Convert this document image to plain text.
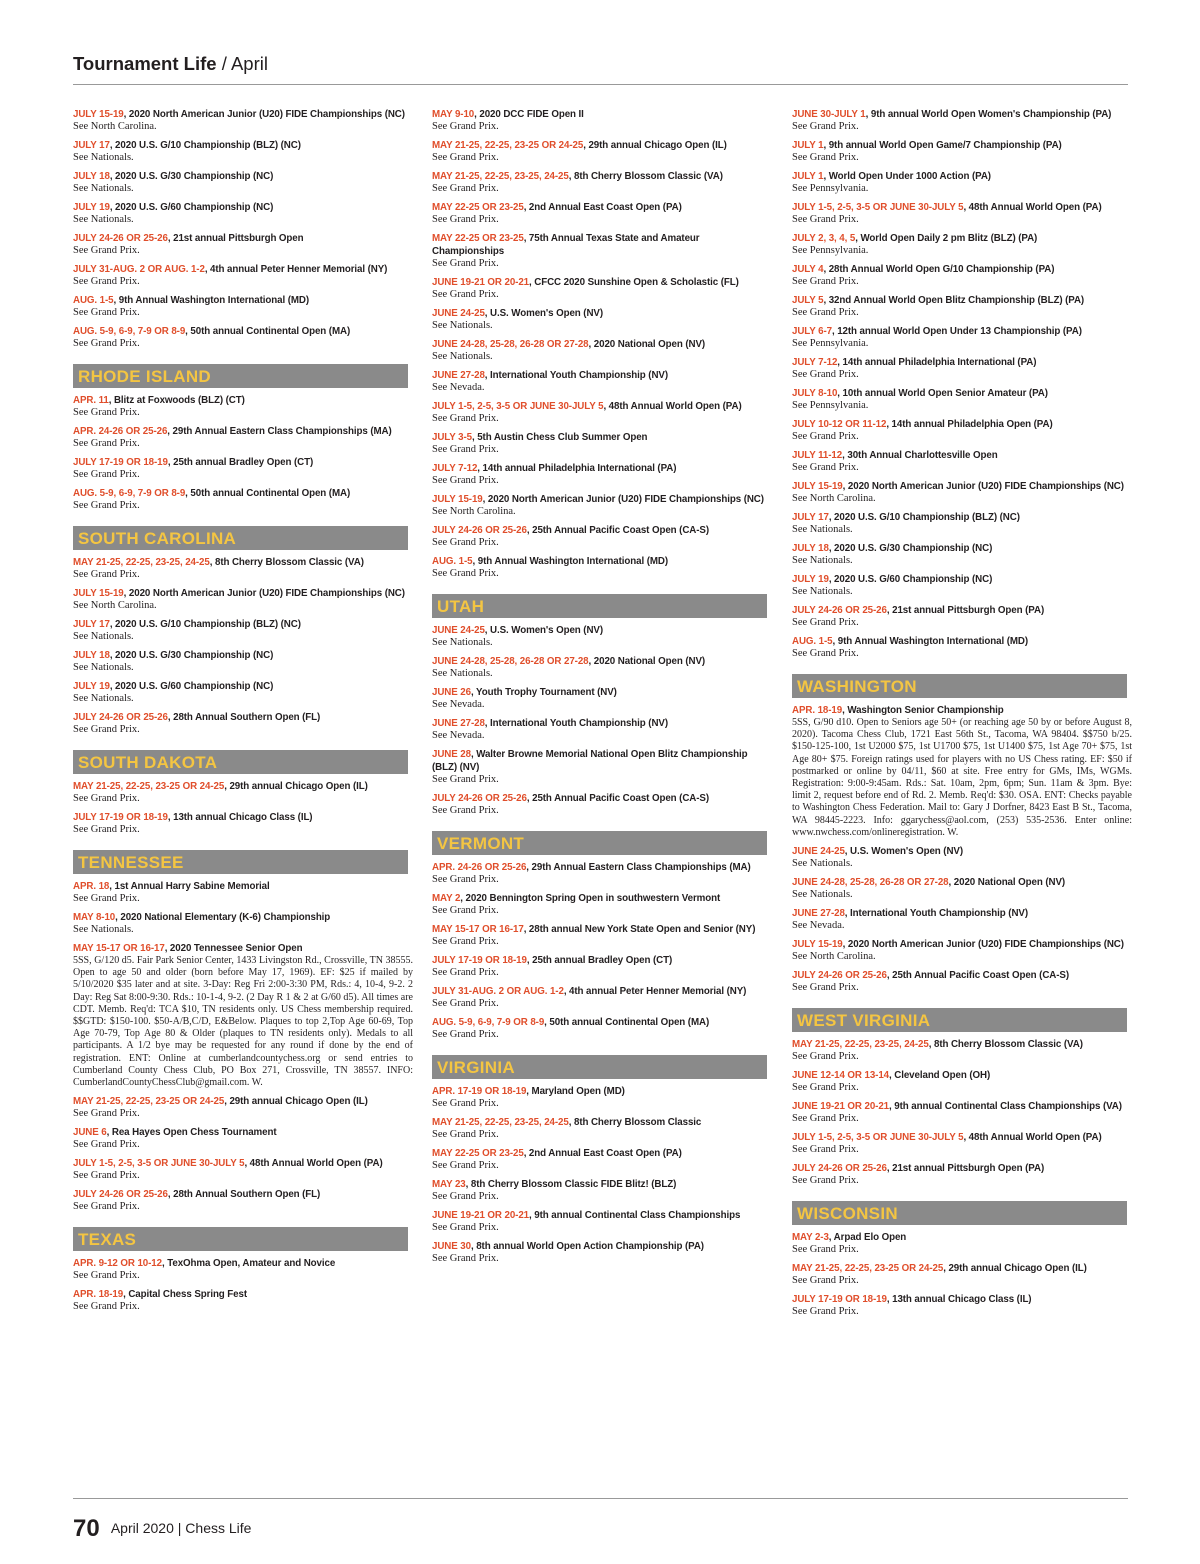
Tournament Life / April
JULY 15-19, 2020 North American Junior (U20) FIDE Championships (NC)
See North Carolina.
JULY 17, 2020 U.S. G/10 Championship (BLZ) (NC)
See Nationals.
JULY 18, 2020 U.S. G/30 Championship (NC)
See Nationals.
JULY 19, 2020 U.S. G/60 Championship (NC)
See Nationals.
JULY 24-26 OR 25-26, 21st annual Pittsburgh Open
See Grand Prix.
JULY 31-AUG. 2 OR AUG. 1-2, 4th annual Peter Henner Memorial (NY)
See Grand Prix.
AUG. 1-5, 9th Annual Washington International (MD)
See Grand Prix.
AUG. 5-9, 6-9, 7-9 OR 8-9, 50th annual Continental Open (MA)
See Grand Prix.
RHODE ISLAND
APR. 11, Blitz at Foxwoods (BLZ) (CT)
See Grand Prix.
APR. 24-26 OR 25-26, 29th Annual Eastern Class Championships (MA)
See Grand Prix.
JULY 17-19 OR 18-19, 25th annual Bradley Open (CT)
See Grand Prix.
AUG. 5-9, 6-9, 7-9 OR 8-9, 50th annual Continental Open (MA)
See Grand Prix.
SOUTH CAROLINA
MAY 21-25, 22-25, 23-25, 24-25, 8th Cherry Blossom Classic (VA)
See Grand Prix.
JULY 15-19, 2020 North American Junior (U20) FIDE Championships (NC)
See North Carolina.
JULY 17, 2020 U.S. G/10 Championship (BLZ) (NC)
See Nationals.
JULY 18, 2020 U.S. G/30 Championship (NC)
See Nationals.
JULY 19, 2020 U.S. G/60 Championship (NC)
See Nationals.
JULY 24-26 OR 25-26, 28th Annual Southern Open (FL)
See Grand Prix.
SOUTH DAKOTA
MAY 21-25, 22-25, 23-25 OR 24-25, 29th annual Chicago Open (IL)
See Grand Prix.
JULY 17-19 OR 18-19, 13th annual Chicago Class (IL)
See Grand Prix.
TENNESSEE
APR. 18, 1st Annual Harry Sabine Memorial
See Grand Prix.
MAY 8-10, 2020 National Elementary (K-6) Championship
See Nationals.
MAY 15-17 OR 16-17, 2020 Tennessee Senior Open
5SS, G/120 d5. Fair Park Senior Center, 1433 Livingston Rd., Crossville, TN 38555. Open to age 50 and older (born before May 17, 1969). EF: $25 if mailed by 5/10/2020 $35 later and at site. 3-Day: Reg Fri 2:00-3:30 PM, Rds.: 4, 10-4, 9-2. 2 Day: Reg Sat 8:00-9:30. Rds.: 10-1-4, 9-2. (2 Day R 1 & 2 at G/60 d5). All times are CDT. Memb. Req'd: TCA $10, TN residents only. US Chess membership required. $$GTD: $150-100. $50-A/B,C/D, E&Below. Plaques to top 2,Top Age 60-69, Top Age 70-79, Top Age 80 & Older (plaques to TN residents only). Medals to all participants. A 1/2 bye may be requested for any round if done by the end of registration. ENT: Online at cumberlandcountychess.org or send entries to Cumberland County Chess Club, PO Box 271, Crossville, TN 38557. INFO: CumberlandCountyChessClub@gmail.com. W.
MAY 21-25, 22-25, 23-25 OR 24-25, 29th annual Chicago Open (IL)
See Grand Prix.
JUNE 6, Rea Hayes Open Chess Tournament
See Grand Prix.
JULY 1-5, 2-5, 3-5 OR JUNE 30-JULY 5, 48th Annual World Open (PA)
See Grand Prix.
JULY 24-26 OR 25-26, 28th Annual Southern Open (FL)
See Grand Prix.
TEXAS
APR. 9-12 OR 10-12, TexOhma Open, Amateur and Novice
See Grand Prix.
APR. 18-19, Capital Chess Spring Fest
See Grand Prix.
MAY 9-10, 2020 DCC FIDE Open II
See Grand Prix.
MAY 21-25, 22-25, 23-25 OR 24-25, 29th annual Chicago Open (IL)
See Grand Prix.
MAY 21-25, 22-25, 23-25, 24-25, 8th Cherry Blossom Classic (VA)
See Grand Prix.
MAY 22-25 OR 23-25, 2nd Annual East Coast Open (PA)
See Grand Prix.
MAY 22-25 OR 23-25, 75th Annual Texas State and Amateur Championships
See Grand Prix.
JUNE 19-21 OR 20-21, CFCC 2020 Sunshine Open & Scholastic (FL)
See Grand Prix.
JUNE 24-25, U.S. Women's Open (NV)
See Nationals.
JUNE 24-28, 25-28, 26-28 OR 27-28, 2020 National Open (NV)
See Nationals.
JUNE 27-28, International Youth Championship (NV)
See Nevada.
JULY 1-5, 2-5, 3-5 OR JUNE 30-JULY 5, 48th Annual World Open (PA)
See Grand Prix.
JULY 3-5, 5th Austin Chess Club Summer Open
See Grand Prix.
JULY 7-12, 14th annual Philadelphia International (PA)
See Grand Prix.
JULY 15-19, 2020 North American Junior (U20) FIDE Championships (NC)
See North Carolina.
JULY 24-26 OR 25-26, 25th Annual Pacific Coast Open (CA-S)
See Grand Prix.
AUG. 1-5, 9th Annual Washington International (MD)
See Grand Prix.
UTAH
JUNE 24-25, U.S. Women's Open (NV)
See Nationals.
JUNE 24-28, 25-28, 26-28 OR 27-28, 2020 National Open (NV)
See Nationals.
JUNE 26, Youth Trophy Tournament (NV)
See Nevada.
JUNE 27-28, International Youth Championship (NV)
See Nevada.
JUNE 28, Walter Browne Memorial National Open Blitz Championship (BLZ) (NV)
See Grand Prix.
JULY 24-26 OR 25-26, 25th Annual Pacific Coast Open (CA-S)
See Grand Prix.
VERMONT
APR. 24-26 OR 25-26, 29th Annual Eastern Class Championships (MA)
See Grand Prix.
MAY 2, 2020 Bennington Spring Open in southwestern Vermont
See Grand Prix.
MAY 15-17 OR 16-17, 28th annual New York State Open and Senior (NY)
See Grand Prix.
JULY 17-19 OR 18-19, 25th annual Bradley Open (CT)
See Grand Prix.
JULY 31-AUG. 2 OR AUG. 1-2, 4th annual Peter Henner Memorial (NY)
See Grand Prix.
AUG. 5-9, 6-9, 7-9 OR 8-9, 50th annual Continental Open (MA)
See Grand Prix.
VIRGINIA
APR. 17-19 OR 18-19, Maryland Open (MD)
See Grand Prix.
MAY 21-25, 22-25, 23-25, 24-25, 8th Cherry Blossom Classic
See Grand Prix.
MAY 22-25 OR 23-25, 2nd Annual East Coast Open (PA)
See Grand Prix.
MAY 23, 8th Cherry Blossom Classic FIDE Blitz! (BLZ)
See Grand Prix.
JUNE 19-21 OR 20-21, 9th annual Continental Class Championships
See Grand Prix.
JUNE 30, 8th annual World Open Action Championship (PA)
See Grand Prix.
JUNE 30-JULY 1, 9th annual World Open Women's Championship (PA)
See Grand Prix.
JULY 1, 9th annual World Open Game/7 Championship (PA)
See Grand Prix.
JULY 1, World Open Under 1000 Action (PA)
See Pennsylvania.
JULY 1-5, 2-5, 3-5 OR JUNE 30-JULY 5, 48th Annual World Open (PA)
See Grand Prix.
JULY 2, 3, 4, 5, World Open Daily 2 pm Blitz (BLZ) (PA)
See Pennsylvania.
JULY 4, 28th Annual World Open G/10 Championship (PA)
See Grand Prix.
JULY 5, 32nd Annual World Open Blitz Championship (BLZ) (PA)
See Grand Prix.
JULY 6-7, 12th annual World Open Under 13 Championship (PA)
See Pennsylvania.
JULY 7-12, 14th annual Philadelphia International (PA)
See Grand Prix.
JULY 8-10, 10th annual World Open Senior Amateur (PA)
See Pennsylvania.
JULY 10-12 OR 11-12, 14th annual Philadelphia Open (PA)
See Grand Prix.
JULY 11-12, 30th Annual Charlottesville Open
See Grand Prix.
JULY 15-19, 2020 North American Junior (U20) FIDE Championships (NC)
See North Carolina.
JULY 17, 2020 U.S. G/10 Championship (BLZ) (NC)
See Nationals.
JULY 18, 2020 U.S. G/30 Championship (NC)
See Nationals.
JULY 19, 2020 U.S. G/60 Championship (NC)
See Nationals.
JULY 24-26 OR 25-26, 21st annual Pittsburgh Open (PA)
See Grand Prix.
AUG. 1-5, 9th Annual Washington International (MD)
See Grand Prix.
WASHINGTON
APR. 18-19, Washington Senior Championship
5SS, G/90 d10. Open to Seniors age 50+ (or reaching age 50 by or before August 8, 2020). Tacoma Chess Club, 1721 East 56th St., Tacoma, WA 98404. $$750 b/25. $150-125-100, 1st U2000 $75, 1st U1700 $75, 1st U1400 $75, 1st Age 70+ $75, 1st Age 80+ $75. Foreign ratings used for players with no US Chess rating. EF: $50 if postmarked or online by 04/11, $60 at site. Free entry for GMs, IMs, WGMs. Registration: 9:00-9:45am. Rds.: Sat. 10am, 2pm, 6pm; Sun. 11am & 3pm. Bye: limit 2, request before end of Rd. 2. Memb. Req'd: $30. OSA. ENT: Checks payable to Washington Chess Federation. Mail to: Gary J Dorfner, 8423 East B St., Tacoma, WA 98445-2223. Info: ggarychess@aol.com, (253) 535-2536. Enter online: www.nwchess.com/onlineregistration. W.
JUNE 24-25, U.S. Women's Open (NV)
See Nationals.
JUNE 24-28, 25-28, 26-28 OR 27-28, 2020 National Open (NV)
See Nationals.
JUNE 27-28, International Youth Championship (NV)
See Nevada.
JULY 15-19, 2020 North American Junior (U20) FIDE Championships (NC)
See North Carolina.
JULY 24-26 OR 25-26, 25th Annual Pacific Coast Open (CA-S)
See Grand Prix.
WEST VIRGINIA
MAY 21-25, 22-25, 23-25, 24-25, 8th Cherry Blossom Classic (VA)
See Grand Prix.
JUNE 12-14 OR 13-14, Cleveland Open (OH)
See Grand Prix.
JUNE 19-21 OR 20-21, 9th annual Continental Class Championships (VA)
See Grand Prix.
JULY 1-5, 2-5, 3-5 OR JUNE 30-JULY 5, 48th Annual World Open (PA)
See Grand Prix.
JULY 24-26 OR 25-26, 21st annual Pittsburgh Open (PA)
See Grand Prix.
WISCONSIN
MAY 2-3, Arpad Elo Open
See Grand Prix.
MAY 21-25, 22-25, 23-25 OR 24-25, 29th annual Chicago Open (IL)
See Grand Prix.
JULY 17-19 OR 18-19, 13th annual Chicago Class (IL)
See Grand Prix.
70 April 2020 | Chess Life
